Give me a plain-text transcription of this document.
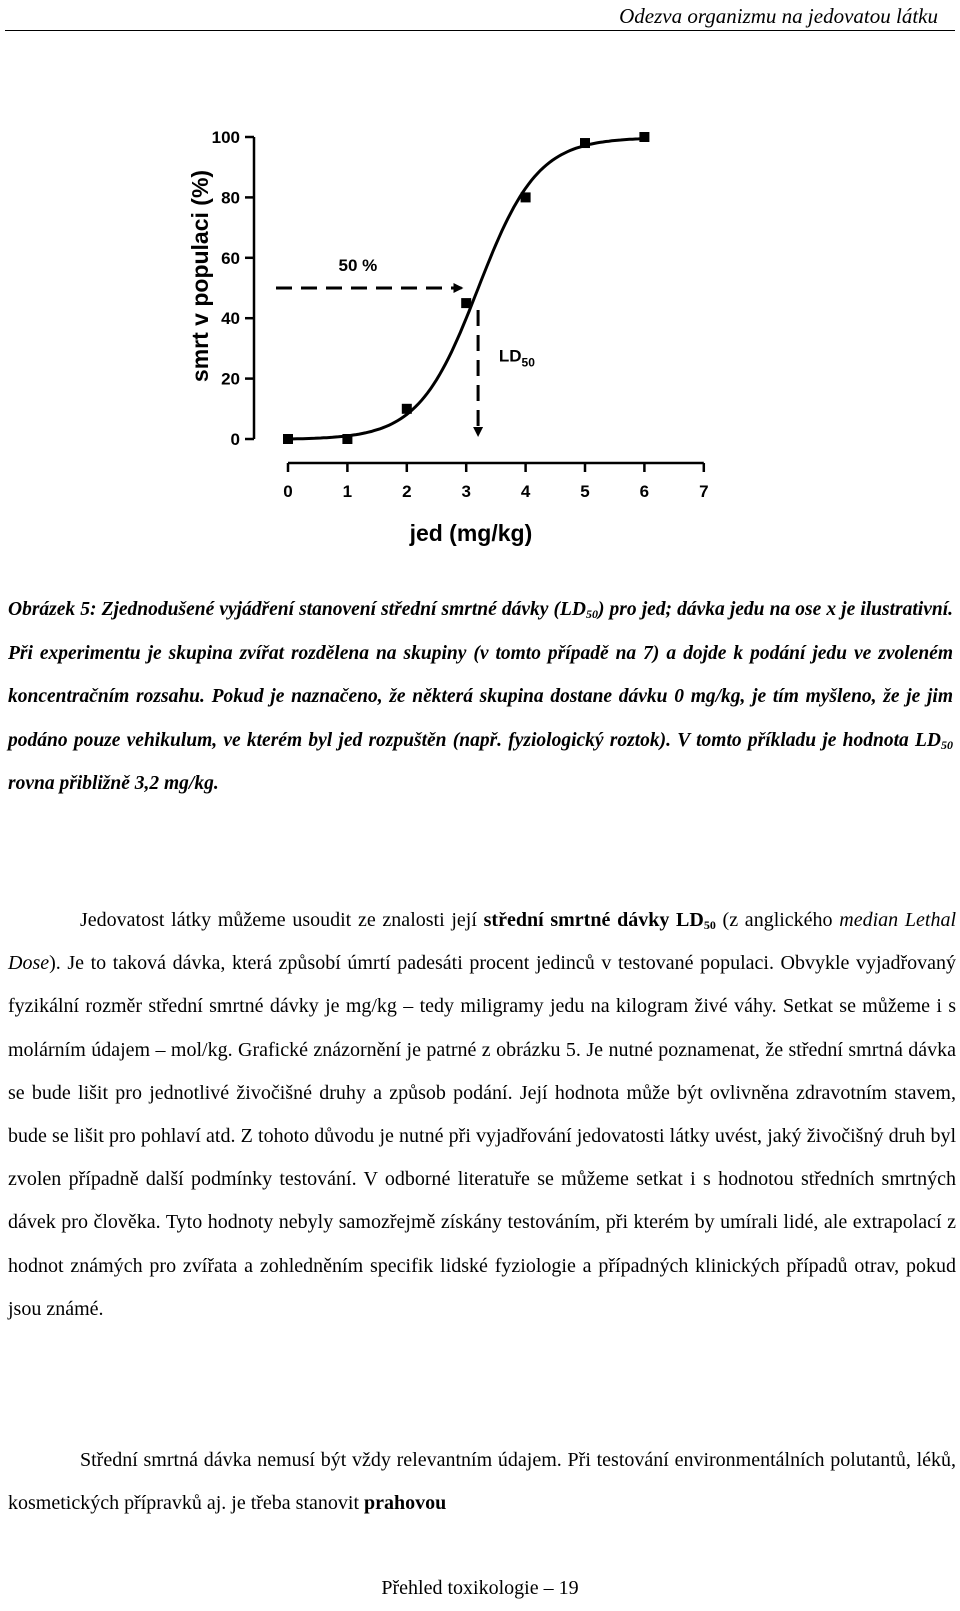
Odezva organizmu na jedovatou látku
0
20
40
60
80
100
0	1	2	3	4	5	6	7
smrt v populaci (%)
jed (mg/kg)
50 %
$LD_{50}$

Obrázek 5: Zjednodušené vyjádření stanovení střední smrtné dávky $(LD_{50})$ pro jed; dávka jedu na ose x je ilustrativní. Při experimentu je skupina zvířat rozdělena na skupiny (v tomto případě na 7) a dojde k podání jedu ve zvoleném koncentračním rozsahu. Pokud je naznačeno, že některá skupina dostane dávku 0 mg/kg, je tím myšleno, že je jim podáno pouze vehikulum, ve kterém byl jed rozpuštěn (např. fyziologický roztok). V tomto příkladu je hodnota $LD_{50}$ rovna přibližně 3,2 mg/kg.

Jedovatost látky můžeme usoudit ze znalosti její střední smrtné dávky $LD_{50}$ (z anglického median Lethal Dose). Je to taková dávka, která způsobí úmrtí padesáti procent jedinců v testované populaci. Obvykle vyjadřovaný fyzikální rozměr střední smrtné dávky je mg/kg – tedy miligramy jedu na kilogram živé váhy. Setkat se můžeme i s molárním údajem – mol/kg. Grafické znázornění je patrné z obrázku 5. Je nutné poznamenat, že střední smrtná dávka se bude lišit pro jednotlivé živočišné druhy a způsob podání. Její hodnota může být ovlivněna zdravotním stavem, bude se lišit pro pohlaví atd. Z tohoto důvodu je nutné při vyjadřování jedovatosti látky uvést, jaký živočišný druh byl zvolen případně další podmínky testování. V odborné literatuře se můžeme setkat i s hodnotou středních smrtných dávek pro člověka. Tyto hodnoty nebyly samozřejmě získány testováním, při kterém by umírali lidé, ale extrapolací z hodnot známých pro zvířata a zohledněním specifik lidské fyziologie a případných klinických případů otrav, pokud jsou známé.

Střední smrtná dávka nemusí být vždy relevantním údajem. Při testování environmentálních polutantů, léků, kosmetických přípravků aj. je třeba stanovit prahovou

Přehled toxikologie – 19
